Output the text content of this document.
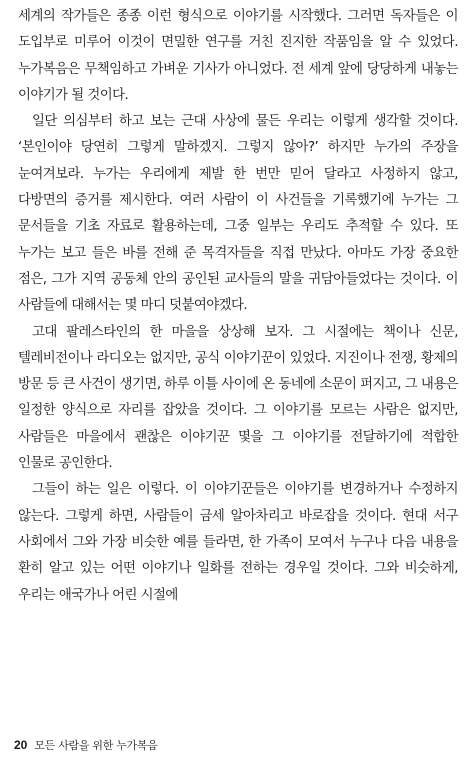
세계의 작가들은 종종 이런 형식으로 이야기를 시작했다. 그러면 독자들은 이 도입부로 미루어 이것이 면밀한 연구를 거친 진지한 작품임을 알 수 있었다. 누가복음은 무책임하고 가벼운 기사가 아니었다. 전 세계 앞에 당당하게 내놓는 이야기가 될 것이다.

일단 의심부터 하고 보는 근대 사상에 물든 우리는 이렇게 생각할 것이다. ‘본인이야 당연히 그렇게 말하겠지. 그렇지 않아?’ 하지만 누가의 주장을 눈여겨보라. 누가는 우리에게 제발 한 번만 믿어 달라고 사정하지 않고, 다방면의 증거를 제시한다. 여러 사람이 이 사건들을 기록했기에 누가는 그 문서들을 기초 자료로 활용하는데, 그중 일부는 우리도 추적할 수 있다. 또 누가는 보고 들은 바를 전해 준 목격자들을 직접 만났다. 아마도 가장 중요한 점은, 그가 지역 공동체 안의 공인된 교사들의 말을 귀담아들었다는 것이다. 이 사람들에 대해서는 몇 마디 덧붙여야겠다.

고대 팔레스타인의 한 마을을 상상해 보자. 그 시절에는 책이나 신문, 텔레비전이나 라디오는 없지만, 공식 이야기꾼이 있었다. 지진이나 전쟁, 황제의 방문 등 큰 사건이 생기면, 하루 이틀 사이에 온 동네에 소문이 퍼지고, 그 내용은 일정한 양식으로 자리를 잡았을 것이다. 그 이야기를 모르는 사람은 없지만, 사람들은 마을에서 괜찮은 이야기꾼 몇을 그 이야기를 전달하기에 적합한 인물로 공인한다.

그들이 하는 일은 이렇다. 이 이야기꾼들은 이야기를 변경하거나 수정하지 않는다. 그렇게 하면, 사람들이 금세 알아차리고 바로잡을 것이다. 현대 서구 사회에서 그와 가장 비슷한 예를 들라면, 한 가족이 모여서 누구나 다음 내용을 환히 알고 있는 어떤 이야기나 일화를 전하는 경우일 것이다. 그와 비슷하게, 우리는 애국가나 어린 시절에

20 모든 사람을 위한 누가복음
